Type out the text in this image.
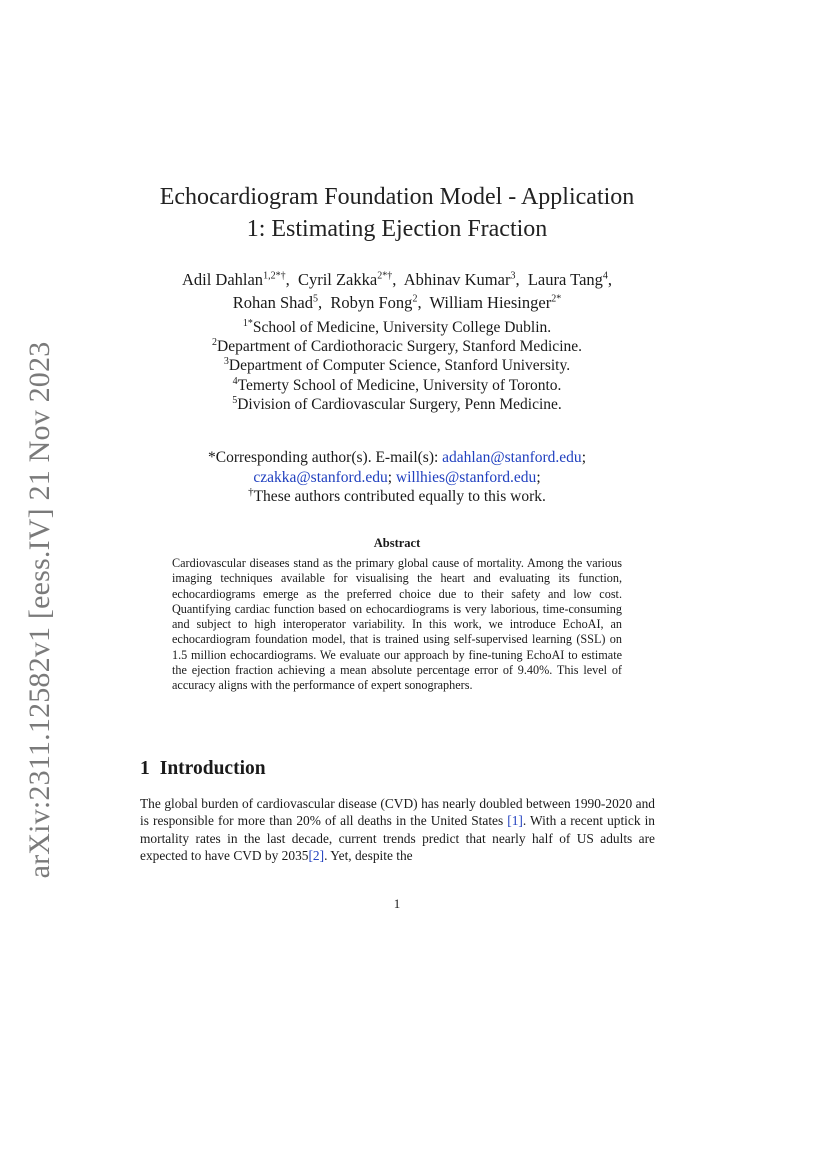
arXiv:2311.12582v1 [eess.IV] 21 Nov 2023
Echocardiogram Foundation Model - Application
1: Estimating Ejection Fraction
Adil Dahlan$^{1,2*\dagger}$,  Cyril Zakka$^{2*\dagger}$,  Abhinav Kumar$^3$,  Laura Tang$^4$,
Rohan Shad$^5$,  Robyn Fong$^2$,  William Hiesinger$^{2*}$
$^{1*}$School of Medicine, University College Dublin.
$^2$Department of Cardiothoracic Surgery, Stanford Medicine.
$^3$Department of Computer Science, Stanford University.
$^4$Temerty School of Medicine, University of Toronto.
$^5$Division of Cardiovascular Surgery, Penn Medicine.
*Corresponding author(s). E-mail(s): adahlan@stanford.edu;
czakka@stanford.edu; willhies@stanford.edu;
†These authors contributed equally to this work.
Abstract
Cardiovascular diseases stand as the primary global cause of mortality. Among the various imaging techniques available for visualising the heart and evaluating its function, echocardiograms emerge as the preferred choice due to their safety and low cost. Quantifying cardiac function based on echocardiograms is very laborious, time-consuming and subject to high interoperator variability. In this work, we introduce EchoAI, an echocardiogram foundation model, that is trained using self-supervised learning (SSL) on 1.5 million echocardiograms. We evaluate our approach by fine-tuning EchoAI to estimate the ejection fraction achieving a mean absolute percentage error of 9.40%. This level of accuracy aligns with the performance of expert sonographers.
1 Introduction
The global burden of cardiovascular disease (CVD) has nearly doubled between 1990-2020 and is responsible for more than 20% of all deaths in the United States [1]. With a recent uptick in mortality rates in the last decade, current trends predict that nearly half of US adults are expected to have CVD by 2035[2]. Yet, despite the
1
